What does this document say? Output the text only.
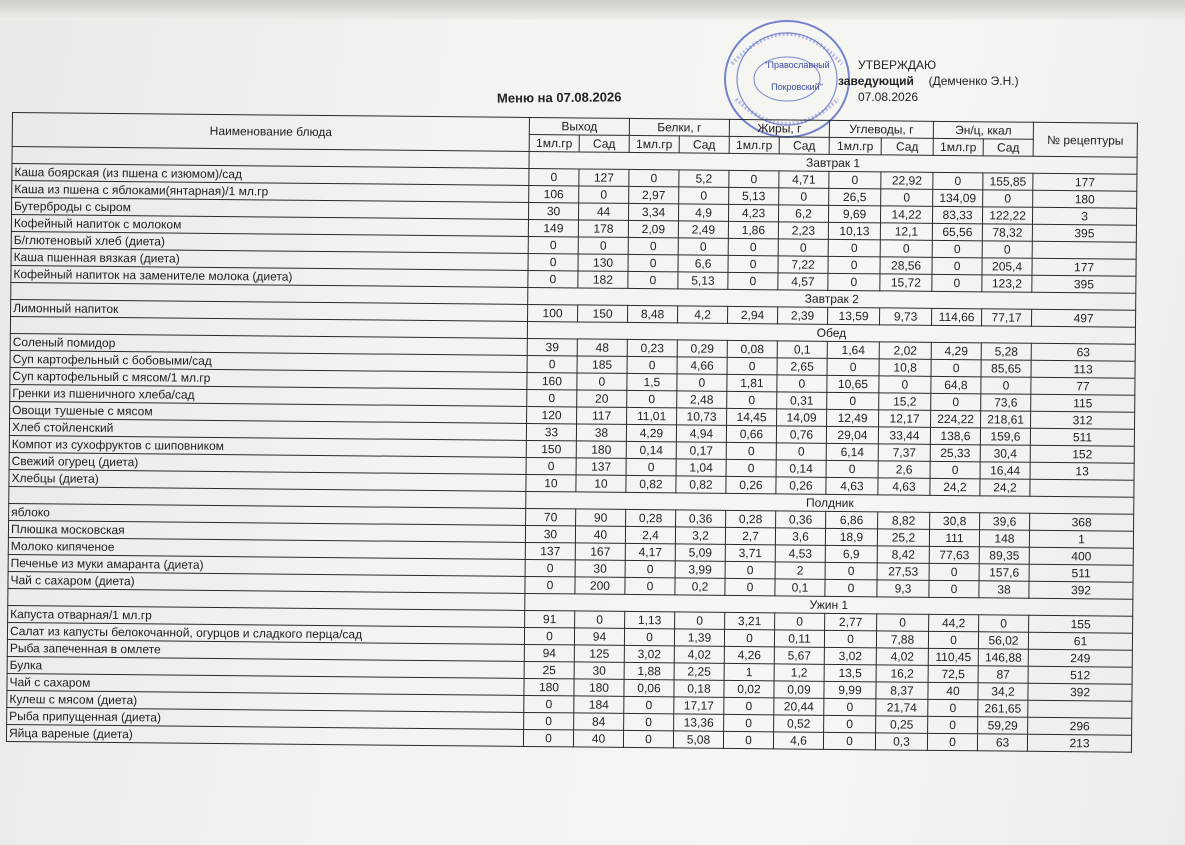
"Православный
Покровский"
УТВЕРЖДАЮ
заведующий (Демченко Э.Н.)
07.08.2026
Меню на 07.08.2026
Наименование блюда	Выход		Белки, г		Жиры, г		Углеводы, г		Эн/ц, ккал		№ рецептуры
	1мл.гр	Сад	1мл.гр	Сад	1мл.гр	Сад	1мл.гр	Сад	1мл.гр	Сад	
	Завтрак 1										
Каша боярская (из пшена с изюмом)/сад	0	127	0	5,2	0	4,71	0	22,92	0	155,85	177
Каша из пшена с яблоками(янтарная)/1 мл.гр	106	0	2,97	0	5,13	0	26,5	0	134,09	0	180
Бутерброды с сыром	30	44	3,34	4,9	4,23	6,2	9,69	14,22	83,33	122,22	3
Кофейный напиток с молоком	149	178	2,09	2,49	1,86	2,23	10,13	12,1	65,56	78,32	395
Б/глютеновый хлеб (диета)	0	0	0	0	0	0	0	0	0	0	
Каша пшенная вязкая (диета)	0	130	0	6,6	0	7,22	0	28,56	0	205,4	177
Кофейный напиток на заменителе молока (диета)	0	182	0	5,13	0	4,57	0	15,72	0	123,2	395
	Завтрак 2										
Лимонный напиток	100	150	8,48	4,2	2,94	2,39	13,59	9,73	114,66	77,17	497
	Обед										
Соленый помидор	39	48	0,23	0,29	0,08	0,1	1,64	2,02	4,29	5,28	63
Суп картофельный с бобовыми/сад	0	185	0	4,66	0	2,65	0	10,8	0	85,65	113
Суп картофельный с мясом/1 мл.гр	160	0	1,5	0	1,81	0	10,65	0	64,8	0	77
Гренки из пшеничного хлеба/сад	0	20	0	2,48	0	0,31	0	15,2	0	73,6	115
Овощи тушеные с мясом	120	117	11,01	10,73	14,45	14,09	12,49	12,17	224,22	218,61	312
Хлеб стойленский	33	38	4,29	4,94	0,66	0,76	29,04	33,44	138,6	159,6	511
Компот из сухофруктов с шиповником	150	180	0,14	0,17	0	0	6,14	7,37	25,33	30,4	152
Свежий огурец (диета)	0	137	0	1,04	0	0,14	0	2,6	0	16,44	13
Хлебцы (диета)	10	10	0,82	0,82	0,26	0,26	4,63	4,63	24,2	24,2	
	Полдник										
яблоко	70	90	0,28	0,36	0,28	0,36	6,86	8,82	30,8	39,6	368
Плюшка московская	30	40	2,4	3,2	2,7	3,6	18,9	25,2	111	148	1
Молоко кипяченое	137	167	4,17	5,09	3,71	4,53	6,9	8,42	77,63	89,35	400
Печенье из муки амаранта (диета)	0	30	0	3,99	0	2	0	27,53	0	157,6	511
Чай с сахаром (диета)	0	200	0	0,2	0	0,1	0	9,3	0	38	392
	Ужин 1										
Капуста отварная/1 мл.гр	91	0	1,13	0	3,21	0	2,77	0	44,2	0	155
Салат из капусты белокочанной, огурцов и сладкого перца/сад	0	94	0	1,39	0	0,11	0	7,88	0	56,02	61
Рыба запеченная в омлете	94	125	3,02	4,02	4,26	5,67	3,02	4,02	110,45	146,88	249
Булка	25	30	1,88	2,25	1	1,2	13,5	16,2	72,5	87	512
Чай с сахаром	180	180	0,06	0,18	0,02	0,09	9,99	8,37	40	34,2	392
Кулеш с мясом (диета)	0	184	0	17,17	0	20,44	0	21,74	0	261,65	
Рыба припущенная (диета)	0	84	0	13,36	0	0,52	0	0,25	0	59,29	296
Яйца вареные (диета)	0	40	0	5,08	0	4,6	0	0,3	0	63	213
